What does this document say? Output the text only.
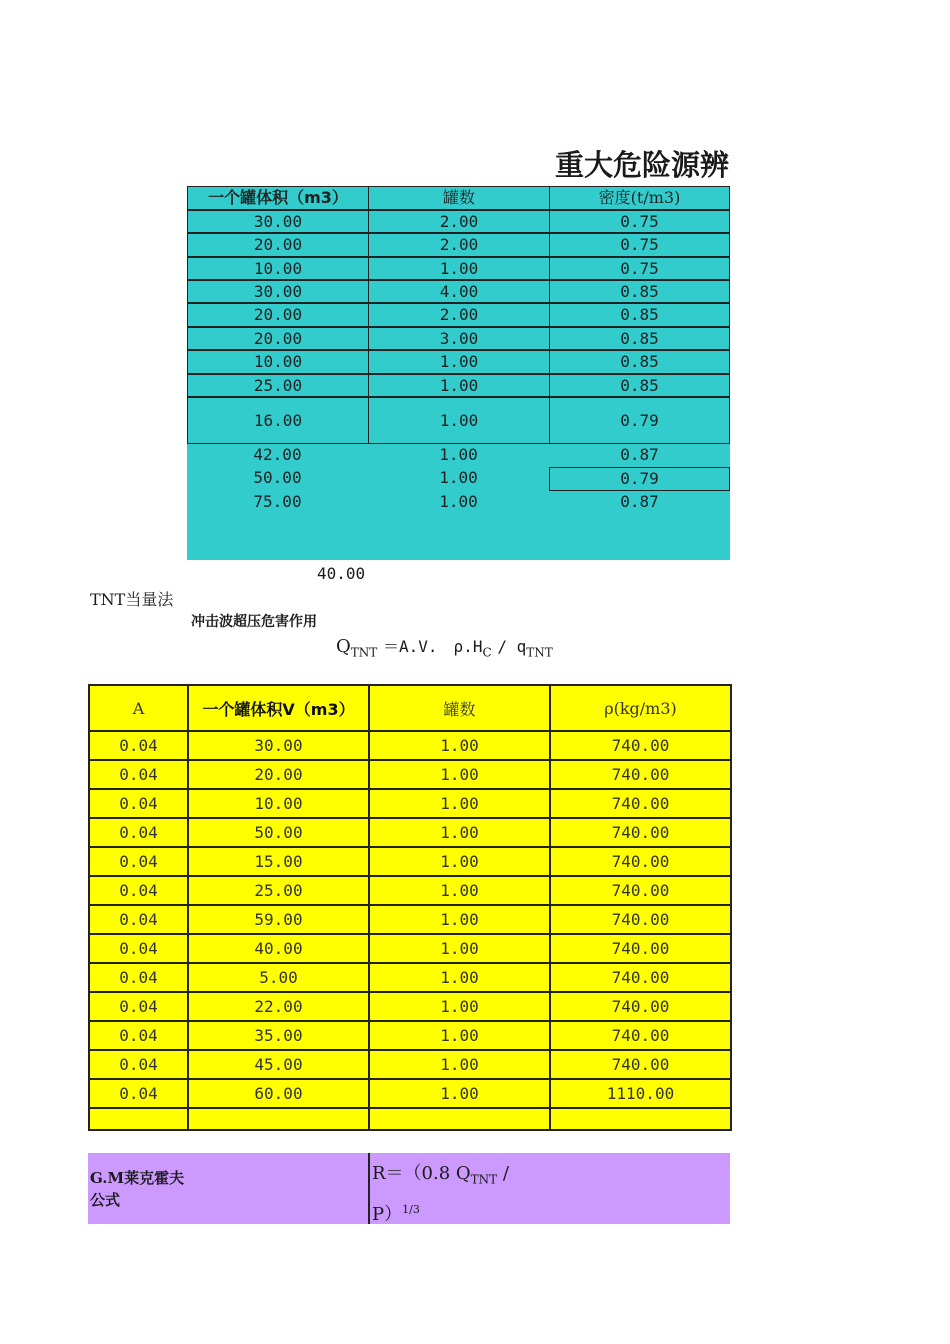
重大危险源辨
一个罐体积（m3）	罐数	密度(t/m3)
30.00	2.00	0.75
20.00	2.00	0.75
10.00	1.00	0.75
30.00	4.00	0.85
20.00	2.00	0.85
20.00	3.00	0.85
10.00	1.00	0.85
25.00	1.00	0.85
16.00	1.00	0.79
42.00	1.00	0.87
50.00	1.00	0.79
75.00	1.00	0.87
40.00
TNT当量法
冲击波超压危害作用
$Q_{TNT} =A.V$.　$\rho.H_C / q_{TNT}$
A	一个罐体积V（m3）	罐数	ρ(kg/m3)
0.04	30.00	1.00	740.00
0.04	20.00	1.00	740.00
0.04	10.00	1.00	740.00
0.04	50.00	1.00	740.00
0.04	15.00	1.00	740.00
0.04	25.00	1.00	740.00
0.04	59.00	1.00	740.00
0.04	40.00	1.00	740.00
0.04	5.00	1.00	740.00
0.04	22.00	1.00	740.00
0.04	35.00	1.00	740.00
0.04	45.00	1.00	740.00
0.04	60.00	1.00	1110.00

G.M莱克霍夫公式
R＝（0.8 $Q_{TNT}$ /
P）$^{1/3}$
